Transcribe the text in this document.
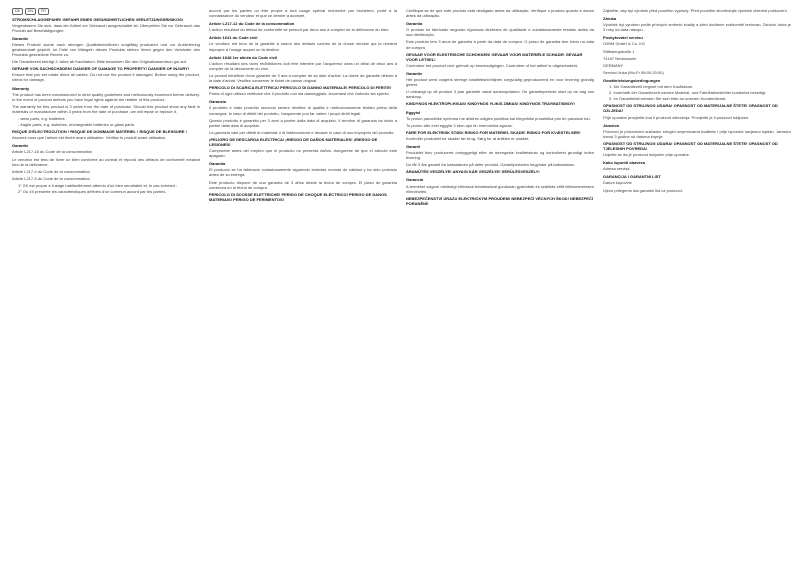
DE	EN	FR
STROMSCHLAGGEFAHR! GEFAHR EINES GESUNDHEITLICHEN VERLETZUNGSRISIKOS!
Vergewissern Sie sich, dass der Artikel vor Gebrauch ausgeschaltet ist. Überprüfen Sie vor Gebrauch das Produkt auf Beschädigungen.
Garantie
Dieses Produkt wurde nach strengen Qualitätsrichtlinien sorgfältig produziert und vor Auslieferung gewissenhaft geprüft. Im Falle von Mängeln dieses Produkts stehen Ihnen gegen den Verkäufer des Produkts gesetzliche Rechte zu.
Die Garantiezeit beträgt 3 Jahre ab Kaufdatum. Bitte bewahren Sie den Originalkassenbon gut auf.
GEFAHR VON SACHSCHÄDEN! DANGER OF DAMAGE TO PROPERTY! DANGER OF INJURY!
Ensure that you set rotate direct all cables. Do not use the product if damaged. Before using the product, check for damage.
Warranty
The product has been manufactured to strict quality guidelines and meticulously examined before delivery. In the event of product defects you have legal rights against the retailer of this product.
The warranty for this product is 3 years from the date of purchase. Should this product show any fault in materials or manufacture within 3 years from the date of purchase, we will repair or replace it.
- wear parts, e.g. batteries
- fragile parts, e.g. switches, rechargeable batteries or glass parts.
RISQUE D'ÉLECTROCUTION ! RISQUE DE DOMMAGE MATÉRIEL ! RISQUE DE BLESSURE !
Assurez-vous que l'article est éteint avant utilisation. Vérifiez le produit avant utilisation.
Garantie
Article L217-16 du Code de la consommation
Le vendeur est tenu de livrer un bien conforme au contrat et répond des défauts de conformité existant lors de la délivrance.
Article L217-4 du Code de la consommation
Article L217-5 du Code de la consommation
1° S'il est propre à l'usage habituellement attendu d'un bien semblable et, le cas échéant :
2° Ou s'il présente les caractéristiques définies d'un commun accord par les parties.
accord par les parties ou être propre à tout usage spécial recherché par l'acheteur, porté à la connaissance du vendeur et que ce dernier a accepté.
Article L217-12 du Code de la consommation
L'action résultant du défaut de conformité se prescrit par deux ans à compter de la délivrance du bien.
Article 1641 du Code civil
Le vendeur est tenu de la garantie à raison des défauts cachés de la chose vendue qui la rendent impropre à l'usage auquel on la destine.
Article 1648 1er alinéa du Code civil
L'action résultant des vices rédhibitoires doit être intentée par l'acquéreur dans un délai de deux ans à compter de la découverte du vice.
Le produit bénéficie d'une garantie de 3 ans à compter de sa date d'achat. La durée de garantie débute à la date d'achat. Veuillez conserver le ticket de caisse original.
PERICOLO DI SCARICA ELETTRICA! PERICOLO DI DANNO MATERIALE! PERICOLO DI FERITE!
Prima di ogni utilizzo verificare che il prodotto non sia danneggiato. Accertarsi che l'articolo sia spento.
Garanzia
Il prodotto è stato prodotto secondo severe direttive di qualità e meticolosamente testato prima della consegna. In caso di difetti del prodotto, l'acquirente può far valere i propri diritti legali.
Questo prodotto è garantito per 3 anni a partire dalla data di acquisto. Il termine di garanzia ha inizio a partire dalla data di acquisto.
La garanzia vale per difetti di materiale o di fabbricazione e decade in caso di uso improprio del prodotto.
¡PELIGRO DE DESCARGA ELÉCTRICA! ¡RIESGO DE DAÑOS MATERIALES! ¡RIESGO DE LESIONES!
Compruebe antes del empleo que el producto no presenta daños. Asegúrese de que el artículo esté apagado.
Garantía
El producto se ha fabricado cuidadosamente siguiendo estrictas normas de calidad y ha sido probado antes de su entrega.
Este producto dispone de una garantía de 3 años desde la fecha de compra. El plazo de garantía comienza en la fecha de compra.
PERICOLO DI SCOSSE ELETTRICHE! PERIGO DE CHOQUE ELÉCTRICO! PERIGO DE DANOS MATERIAIS! PERIGO DE FERIMENTOS!
Certifique-se de que este produto está desligado antes da utilização. Verifique o produto quanto a danos antes da utilização.
Garantia
O produto foi fabricado segundo rigorosas diretrizes de qualidade e cuidadosamente testado antes da sua distribuição.
Este produto tem 3 anos de garantia a partir da data de compra. O prazo de garantia tem início na data de compra.
GEVAAR VOOR ELEKTRISCHE SCHOKKEN! GEVAAR VOOR MATERIËLE SCHADE! GEVAAR VOOR LETSEL!
Controleer het product vóór gebruik op beschadigingen. Controleer of het artikel is uitgeschakeld.
Garantie
Het product werd volgens strenge kwaliteitsrichtlijnen zorgvuldig geproduceerd en voor levering grondig getest.
U ontvangt op dit product 3 jaar garantie vanaf aankoopdatum. De garantieperiode start op de dag van aankoop.
KINDYNOS HLEKTROPLHXIAS! KINDYNOS YLIKIS ZIMIAS! KINDYNOS TRAYMATISMOY!
Eggyisi
To proion paraxthike syntoma me afstires odigies poiotitas kai elegxthike prosektika prin tin paradosi tou.
To proion afto exei eggyisi 3 eton apo tin imerominia agoras.
FARE FOR ELEKTRISK STØD! RISIKO FOR MATERIEL SKADE! RISIKO FOR KVÆSTELSER!
Kontrollér produktet for skader før brug. Sørg for at artiklen er slukket.
Garanti
Produktet blev produceret omhyggeligt efter de strengeste kvalitetskrav og kontrolleret grundigt inden levering.
Du får 3 års garanti fra købsdatoen på dette produkt. Garantiperioden begynder på købsdatoen.
ÁRAMÜTÉS VESZÉLYE! ANYAGI KÁR VESZÉLYE! SÉRÜLÉSVESZÉLY!
Garancia
A terméket szigorú minőségi előírások betartásával gondosan gyártották és szállítás előtt lelkiismeretesen ellenőrizték.
NEBEZPEČENSTVÍ ÚRAZU ELEKTRICKÝM PROUDEM! NEBEZPEČÍ VĚCNÝCH ŠKOD! NEBEZPEČÍ PORANĚNÍ!
Zajistěte, aby byl výrobek před použitím vypnutý. Před použitím zkontrolujte výrobek ohledně poškození.
Záruka
Výrobek byl vyroben podle přísných směrnic kvality a před dodáním svědomitě testován. Záruční doba je 3 roky od data nákupu.
Poskytovatel servisu
OWIM GmbH & Co. KG
Stiftsbergstraße 1
74167 Neckarsulm
GERMANY
Servisní linka (Mo-Fr 08:00-20:00)
Gewährleistungsbedingungen
1. Die Garantiezeit beginnt mit dem Kaufdatum.
2. Innerhalb der Garantiezeit werden Material- und Fabrikationsfehler kostenlos beseitigt.
3. Im Garantiefall wenden Sie sich bitte an unseren Kundendienst.
OPASNOST OD STRUJNOG UDARA! OPASNOST OD MATERIJALNE ŠTETE! OPASNOST OD OZLJEDA!
Prije uporabe provjerite ima li proizvod oštećenja. Provjerite je li proizvod isključen.
Jamstvo
Proizvod je proizveden sukladno strogim smjernicama kvalitete i prije isporuke savjesno ispitan. Jamstvo iznosi 3 godine od datuma kupnje.
OPASNOST OD STRUJNOG UDARA! OPASNOST OD MATERIJALNE ŠTETE! OPASNOST OD TJELESNIH POVREDA!
Uvjerite se da je proizvod isključen prije uporabe.
Kako ispuniti obavezu
Adresa servisa
GARANCIJA I GARANTNI LIST
Datum kupovine
Ujezo prilegemo dat garantni list uz proizvod.
